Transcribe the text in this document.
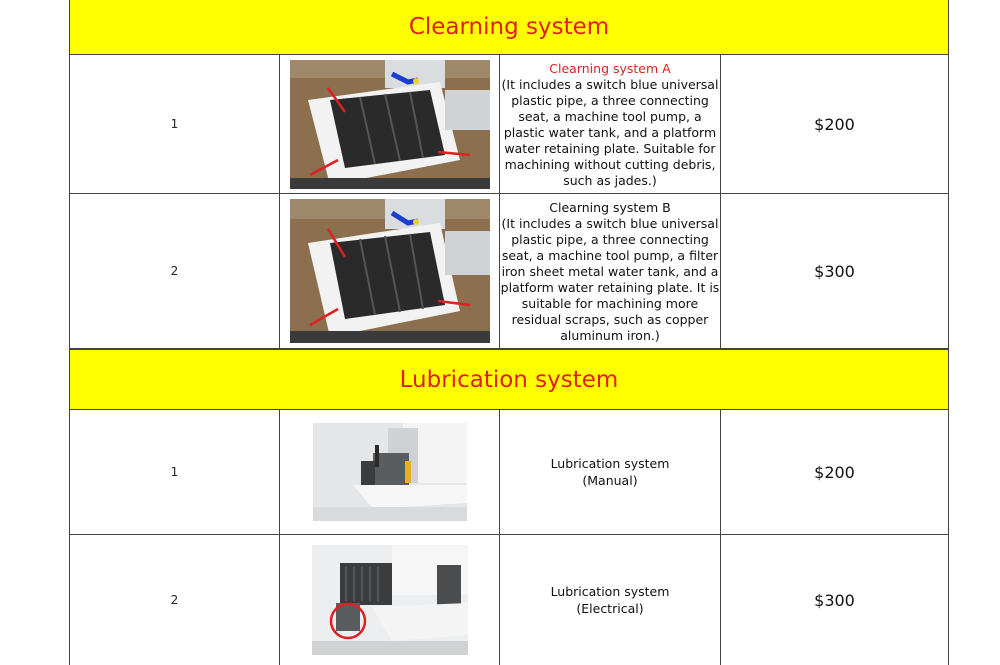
Clearning system
1
Clearning system A
(It includes a switch blue universal plastic pipe, a three connecting seat, a machine tool pump, a plastic water tank, and a platform water retaining plate. Suitable for machining without cutting debris, such as jades.)
$200
2
Clearning system B
(It includes a switch blue universal plastic pipe, a three connecting seat, a machine tool pump, a filter iron sheet metal water tank, and a platform water retaining plate. It is suitable for machining more residual scraps, such as copper aluminum iron.)
$300
Lubrication system
1
Lubrication system
(Manual)	$200
2
Lubrication system
(Electrical)	$300
